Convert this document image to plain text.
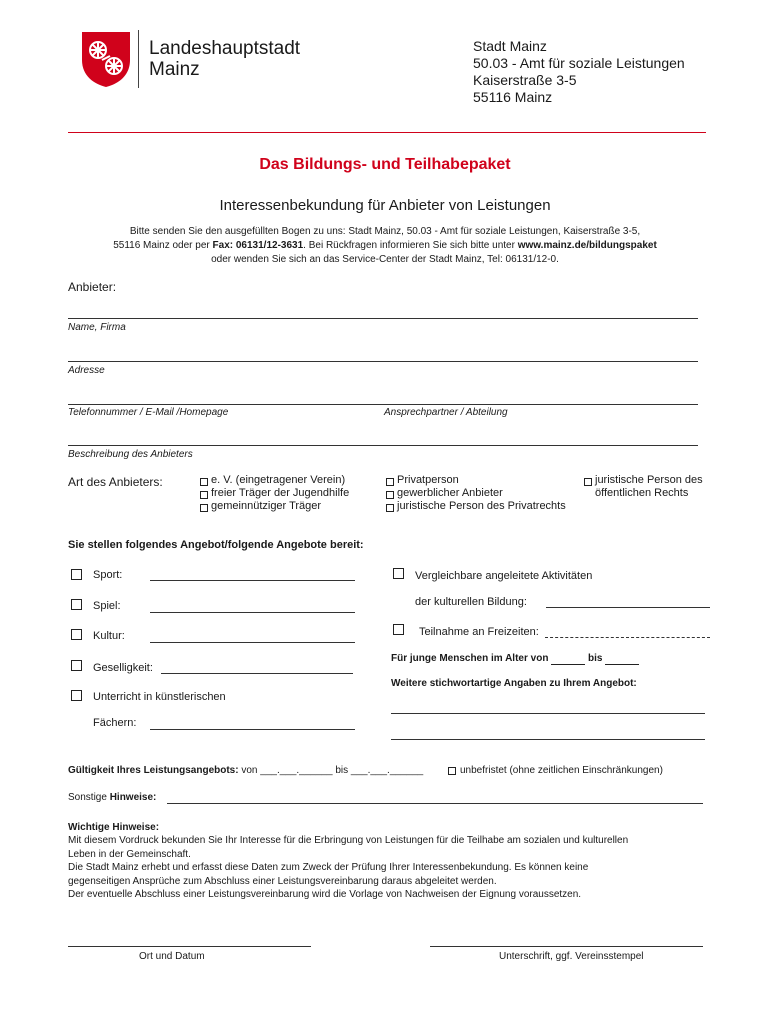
Landeshauptstadt
Mainz
Stadt Mainz
50.03 - Amt für soziale Leistungen
Kaiserstraße 3-5
55116 Mainz
Das Bildungs- und Teilhabepaket
Interessenbekundung für Anbieter von Leistungen
Bitte senden Sie den ausgefüllten Bogen zu uns: Stadt Mainz, 50.03 - Amt für soziale Leistungen, Kaiserstraße 3-5,
55116 Mainz oder per Fax: 06131/12-3631. Bei Rückfragen informieren Sie sich bitte unter www.mainz.de/bildungspaket
oder wenden Sie sich an das Service-Center der Stadt Mainz, Tel: 06131/12-0.
Anbieter:
Name, Firma
Adresse
Telefonnummer / E-Mail /Homepage	Ansprechpartner / Abteilung
Beschreibung des Anbieters
Art des Anbieters:	e. V. (eingetragener Verein)
freier Träger der Jugendhilfe
gemeinnütziger Träger
Privatperson
gewerblicher Anbieter
juristische Person des Privatrechts
juristische Person des
öffentlichen Rechts
Sie stellen folgendes Angebot/folgende Angebote bereit:
Sport:
Spiel:
Kultur:
Geselligkeit:
Unterricht in künstlerischen
Fächern:
Vergleichbare angeleitete Aktivitäten
der kulturellen Bildung:
Teilnahme an Freizeiten:
Für junge Menschen im Alter von	bis
Weitere stichwortartige Angaben zu Ihrem Angebot:
Gültigkeit Ihres Leistungsangebots: von ___.___.______ bis ___.___.______	unbefristet (ohne zeitlichen Einschränkungen)
Sonstige Hinweise:
Wichtige Hinweise:
Mit diesem Vordruck bekunden Sie Ihr Interesse für die Erbringung von Leistungen für die Teilhabe am sozialen und kulturellen
Leben in der Gemeinschaft.
Die Stadt Mainz erhebt und erfasst diese Daten zum Zweck der Prüfung Ihrer Interessenbekundung. Es können keine
gegenseitigen Ansprüche zum Abschluss einer Leistungsvereinbarung daraus abgeleitet werden.
Der eventuelle Abschluss einer Leistungsvereinbarung wird die Vorlage von Nachweisen der Eignung voraussetzen.
Ort und Datum	Unterschrift, ggf. Vereinsstempel
